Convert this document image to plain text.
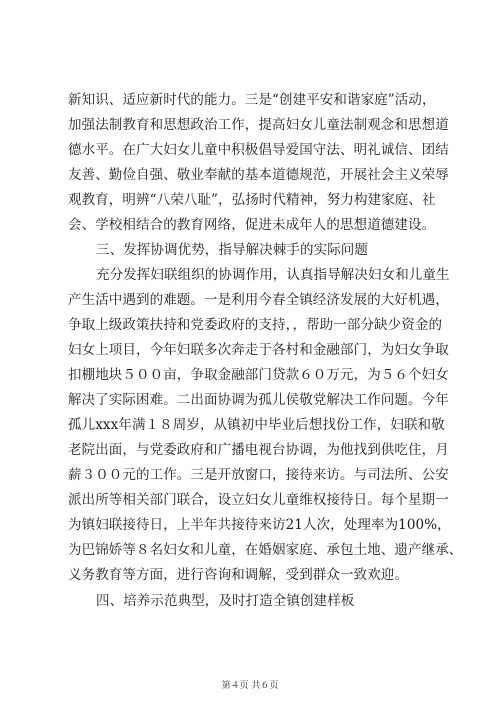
新知识、适应新时代的能力。三是“创建平安和谐家庭”活动，
加强法制教育和思想政治工作，提高妇女儿童法制观念和思想道
德水平。在广大妇女儿童中积极倡导爱国守法、明礼诚信、团结
友善、勤俭自强、敬业奉献的基本道德规范，开展社会主义荣辱
观教育，明辨“八荣八耻”，弘扬时代精神，努力构建家庭、社
会、学校相结合的教育网络，促进未成年人的思想道德建设。
三、发挥协调优势，指导解决棘手的实际问题
充分发挥妇联组织的协调作用，认真指导解决妇女和儿童生
产生活中遇到的难题。一是利用今春全镇经济发展的大好机遇，
争取上级政策扶持和党委政府的支持，，帮助一部分缺少资金的
妇女上项目，今年妇联多次奔走于各村和金融部门，为妇女争取
扣棚地块５００亩，争取金融部门贷款６０万元，为５６个妇女
解决了实际困难。二出面协调为孤儿侯敬党解决工作问题。今年
孤儿xxx年满１８周岁，从镇初中毕业后想找份工作，妇联和敬
老院出面，与党委政府和广播电视台协调，为他找到供吃住，月
薪３００元的工作。三是开放窗口，接待来访。与司法所、公安
派出所等相关部门联合，设立妇女儿童维权接待日。每个星期一
为镇妇联接待日，上半年共接待来访21人次，处理率为100%，
为巴锦娇等８名妇女和儿童，在婚姻家庭、承包土地、遗产继承、
义务教育等方面，进行咨询和调解，受到群众一致欢迎。
四、培养示范典型，及时打造全镇创建样板
第４页 共６页
